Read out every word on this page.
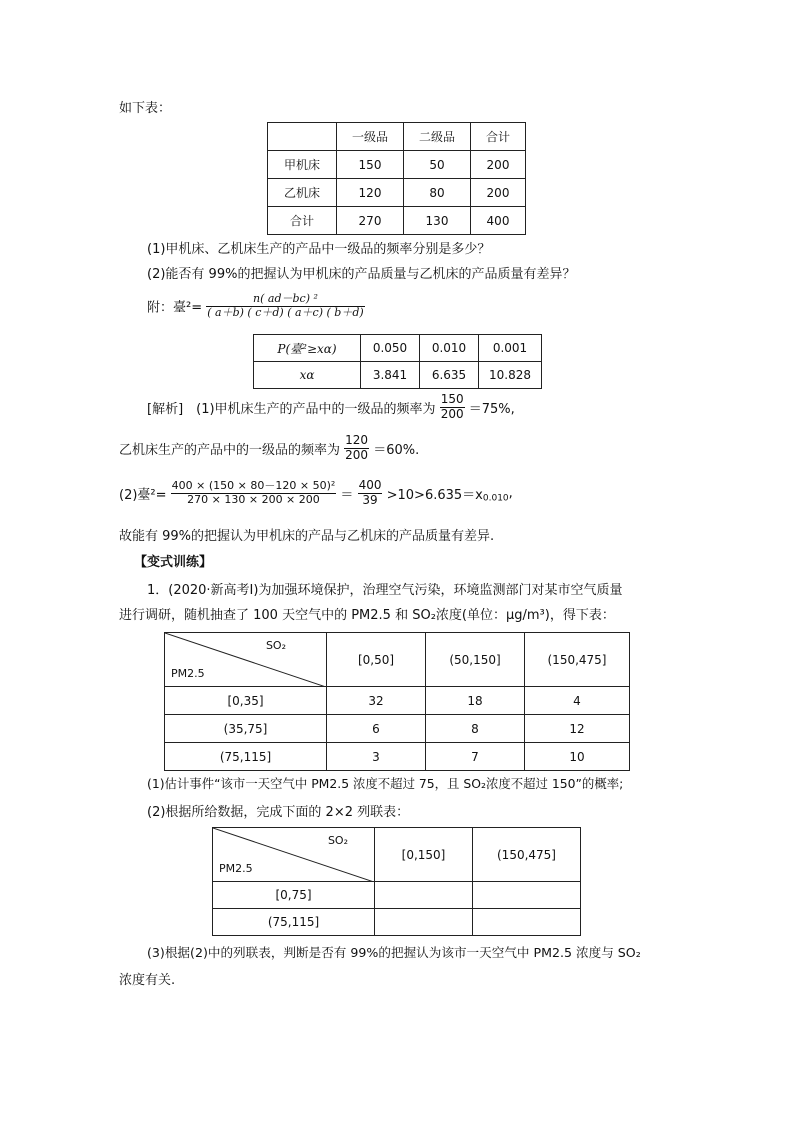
如下表：
	一级品	二级品	合计
甲机床	150	50	200
乙机床	120	80	200
合计	270	130	400
(1)甲机床、乙机床生产的产品中一级品的频率分别是多少？
(2)能否有 99%的把握认为甲机床的产品质量与乙机床的产品质量有差异？
附：臺$^2= \frac{\text{n( ad－bc) ²}}{( a+b) ( c+d) ( a+c) ( b+d)}$
P(臺²≥xα)	0.050	0.010	0.001
xα	3.841	6.635	10.828
[解析]　(1)甲机床生产的产品中的一级品的频率为 $\frac{150}{200} =75\%$,
乙机床生产的产品中的一级品的频率为 $\frac{120}{200} =60\%$.
(2)臺$^2= \frac{\text{400 × (150 × 80－120 × 50)²}}{270 \times 130 \times 200 \times 200} = \frac{400}{39} >10>6.635=x_{0.010}$,
故能有 99%的把握认为甲机床的产品与乙机床的产品质量有差异.
【变式训练】
1．(2020·新高考Ⅰ)为加强环境保护，治理空气污染，环境监测部门对某市空气质量
进行调研，随机抽查了 100 天空气中的 PM2.5 和 SO₂浓度(单位：μg/m³)，得下表：
SO₂
PM2.5	[0,50]	(50,150]	(150,475]
[0,35]	32	18	4
(35,75]	6	8	12
(75,115]	3	7	10
(1)估计事件“该市一天空气中 PM2.5 浓度不超过 75，且 SO₂浓度不超过 150”的概率;
(2)根据所给数据，完成下面的 2×2 列联表：
SO₂
PM2.5	[0,150]	(150,475]
[0,75]		
(75,115]		
(3)根据(2)中的列联表，判断是否有 99%的把握认为该市一天空气中 PM2.5 浓度与 SO₂
浓度有关.
